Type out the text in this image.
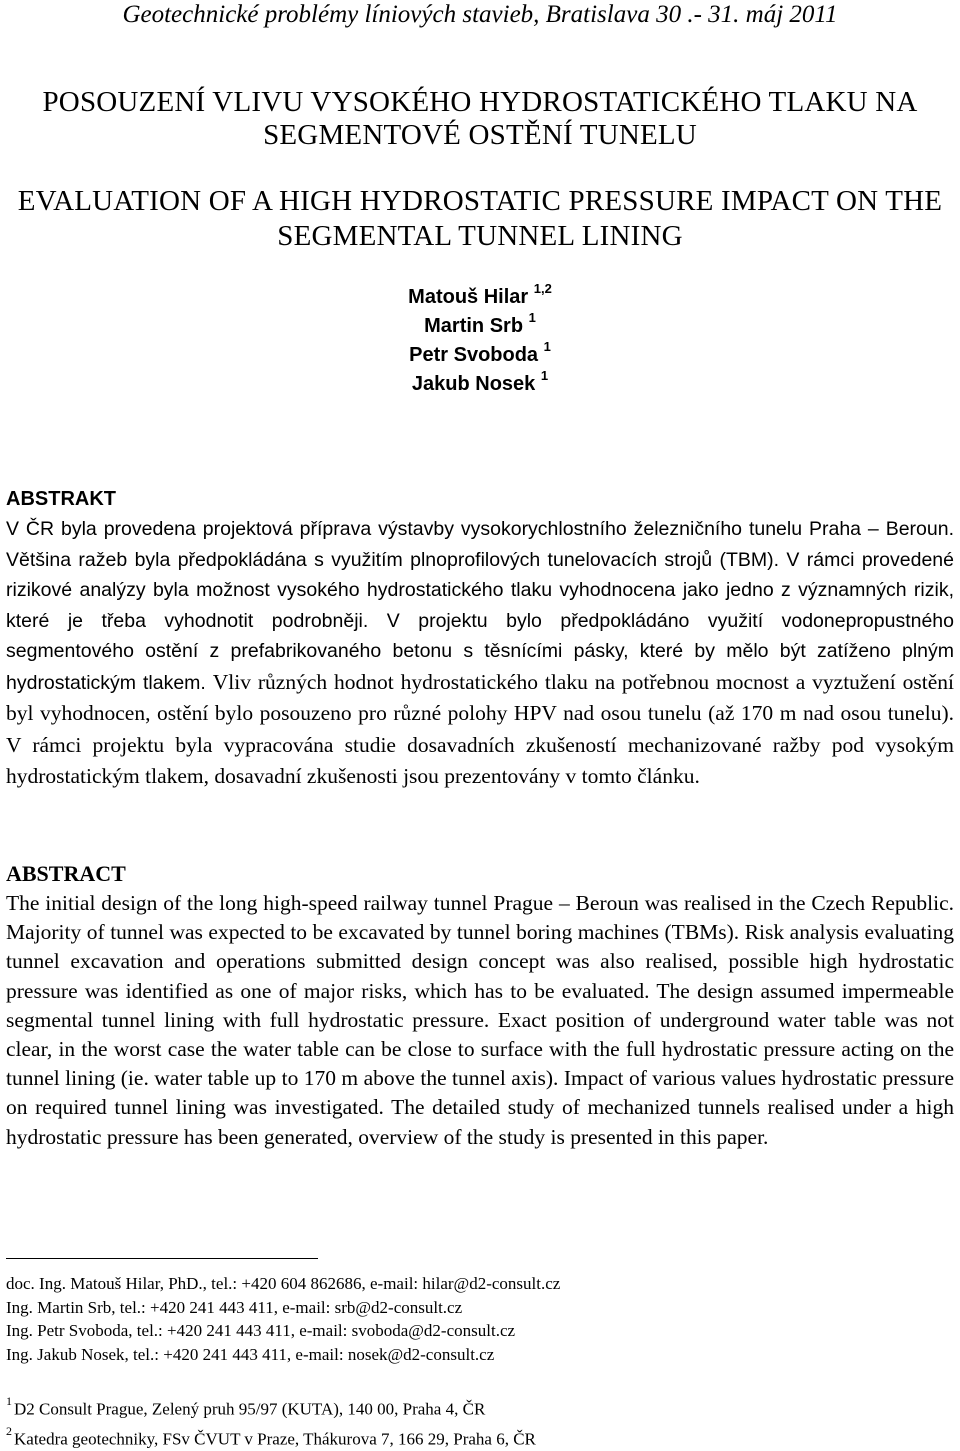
Geotechnické problémy líniových stavieb, Bratislava 30 .- 31. máj 2011
POSOUZENÍ VLIVU VYSOKÉHO HYDROSTATICKÉHO TLAKU NA
SEGMENTOVÉ OSTĚNÍ TUNELU
EVALUATION OF A HIGH HYDROSTATIC PRESSURE IMPACT ON THE
SEGMENTAL TUNNEL LINING
Matouš Hilar $^{1,2}$
Martin Srb $^1$
Petr Svoboda $^1$
Jakub Nosek $^1$
ABSTRAKT
V ČR byla provedena projektová příprava výstavby vysokorychlostního železničního tunelu Praha – Beroun. Většina ražeb byla předpokládána s využitím plnoprofilových tunelovacích strojů (TBM). V rámci provedené rizikové analýzy byla možnost vysokého hydrostatického tlaku vyhodnocena jako jedno z významných rizik, které je třeba vyhodnotit podrobněji. V projektu bylo předpokládáno využití vodonepropustného segmentového ostění z prefabrikovaného betonu s těsnícími pásky, které by mělo být zatíženo plným hydrostatickým tlakem. Vliv různých hodnot hydrostatického tlaku na potřebnou mocnost a vyztužení ostění byl vyhodnocen, ostění bylo posouzeno pro různé polohy HPV nad osou tunelu (až 170 m nad osou tunelu). V rámci projektu byla vypracována studie dosavadních zkušeností mechanizované ražby pod vysokým hydrostatickým tlakem, dosavadní zkušenosti jsou prezentovány v tomto článku.
ABSTRACT
The initial design of the long high-speed railway tunnel Prague – Beroun was realised in the Czech Republic. Majority of tunnel was expected to be excavated by tunnel boring machines (TBMs). Risk analysis evaluating tunnel excavation and operations submitted design concept was also realised, possible high hydrostatic pressure was identified as one of major risks, which has to be evaluated. The design assumed impermeable segmental tunnel lining with full hydrostatic pressure. Exact position of underground water table was not clear, in the worst case the water table can be close to surface with the full hydrostatic pressure acting on the tunnel lining (ie. water table up to 170 m above the tunnel axis). Impact of various values hydrostatic pressure on required tunnel lining was investigated. The detailed study of mechanized tunnels realised under a high hydrostatic pressure has been generated, overview of the study is presented in this paper.
doc. Ing. Matouš Hilar, PhD., tel.: +420 604 862686, e-mail: hilar@d2-consult.cz
Ing. Martin Srb, tel.: +420 241 443 411, e-mail: srb@d2-consult.cz
Ing. Petr Svoboda, tel.: +420 241 443 411, e-mail: svoboda@d2-consult.cz
Ing. Jakub Nosek, tel.: +420 241 443 411, e-mail: nosek@d2-consult.cz
$^1$ D2 Consult Prague, Zelený pruh 95/97 (KUTA), 140 00, Praha 4, ČR
$^2$ Katedra geotechniky, FSv ČVUT v Praze, Thákurova 7, 166 29, Praha 6, ČR
